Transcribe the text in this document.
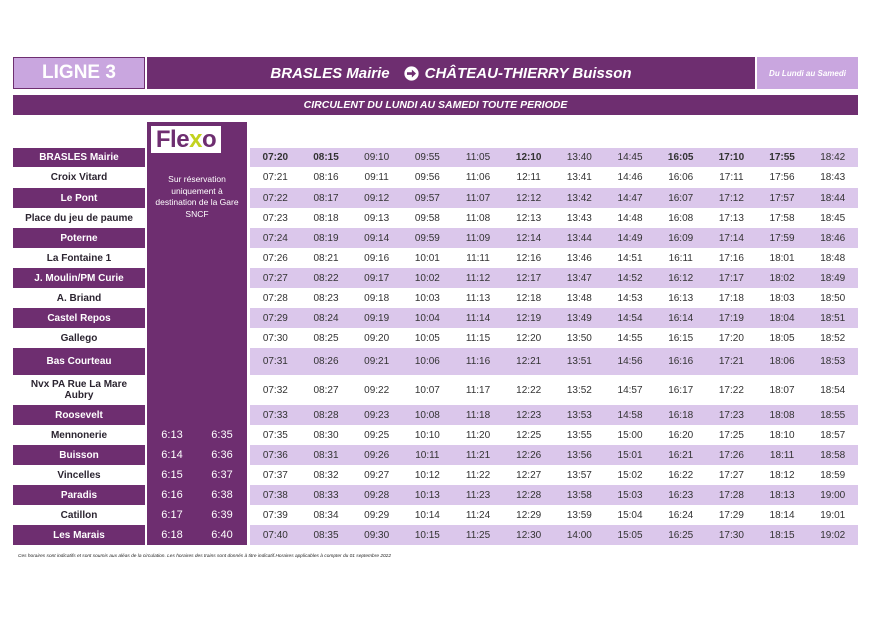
LIGNE 3	BRASLES Mairie CHÂTEAU-THIERRY Buisson	Du Lundi au Samedi
CIRCULENT DU LUNDI AU SAMEDI TOUTE PERIODE
Fle x o
Sur réservation
uniquement à
destination de la Gare
SNCF
BRASLES Mairie	07:20	08:15	09:10	09:55	11:05	12:10	13:40	14:45	16:05	17:10	17:55	18:42
Croix Vitard	07:21	08:16	09:11	09:56	11:06	12:11	13:41	14:46	16:06	17:11	17:56	18:43
Le Pont	07:22	08:17	09:12	09:57	11:07	12:12	13:42	14:47	16:07	17:12	17:57	18:44
Place du jeu de paume	07:23	08:18	09:13	09:58	11:08	12:13	13:43	14:48	16:08	17:13	17:58	18:45
Poterne	07:24	08:19	09:14	09:59	11:09	12:14	13:44	14:49	16:09	17:14	17:59	18:46
La Fontaine 1	07:26	08:21	09:16	10:01	11:11	12:16	13:46	14:51	16:11	17:16	18:01	18:48
J. Moulin/PM Curie	07:27	08:22	09:17	10:02	11:12	12:17	13:47	14:52	16:12	17:17	18:02	18:49
A. Briand	07:28	08:23	09:18	10:03	11:13	12:18	13:48	14:53	16:13	17:18	18:03	18:50
Castel Repos	07:29	08:24	09:19	10:04	11:14	12:19	13:49	14:54	16:14	17:19	18:04	18:51
Gallego	07:30	08:25	09:20	10:05	11:15	12:20	13:50	14:55	16:15	17:20	18:05	18:52
Bas Courteau	07:31	08:26	09:21	10:06	11:16	12:21	13:51	14:56	16:16	17:21	18:06	18:53
Nvx PA Rue La Mare Aubry	07:32	08:27	09:22	10:07	11:17	12:22	13:52	14:57	16:17	17:22	18:07	18:54
Roosevelt	07:33	08:28	09:23	10:08	11:18	12:23	13:53	14:58	16:18	17:23	18:08	18:55
Mennonerie	6:13	6:35	07:35	08:30	09:25	10:10	11:20	12:25	13:55	15:00	16:20	17:25	18:10	18:57
Buisson	6:14	6:36	07:36	08:31	09:26	10:11	11:21	12:26	13:56	15:01	16:21	17:26	18:11	18:58
Vincelles	6:15	6:37	07:37	08:32	09:27	10:12	11:22	12:27	13:57	15:02	16:22	17:27	18:12	18:59
Paradis	6:16	6:38	07:38	08:33	09:28	10:13	11:23	12:28	13:58	15:03	16:23	17:28	18:13	19:00
Catillon	6:17	6:39	07:39	08:34	09:29	10:14	11:24	12:29	13:59	15:04	16:24	17:29	18:14	19:01
Les Marais	6:18	6:40	07:40	08:35	09:30	10:15	11:25	12:30	14:00	15:05	16:25	17:30	18:15	19:02
Ces horaires sont indicatifs et sont soumis aux aléas de la circulation. Les horaires des trains sont donnés à titre indicatif.Horaires applicables à compter du 01 septembre 2022
